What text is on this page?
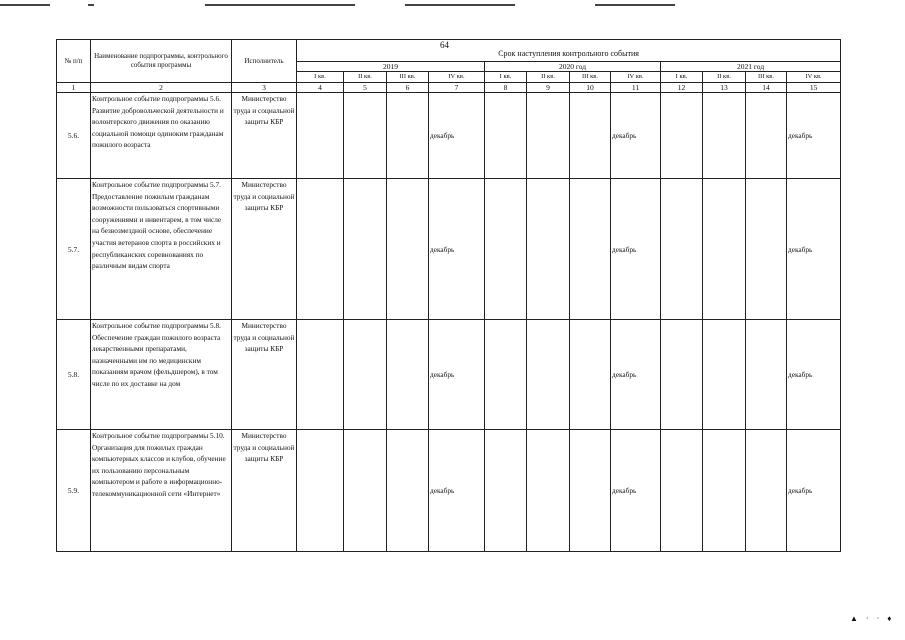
64
№ п/п	Наименование подпрограммы, контрольного события программы	Исполнитель	Срок наступления контрольного события											
			2019				2020 год				2021 год			
			I кв.	II кв.	III кв.	IV кв.	I кв.	II кв.	III кв.	IV кв.	I кв.	II кв.	III кв.	IV кв.
1	2	3	4	5	6	7	8	9	10	11	12	13	14	15
5.6.	Контрольное событие подпрограммы 5.6. Развитие добровольческой деятельности и волонтерского движения по оказанию социальной помощи одиноким гражданам пожилого возраста	Министерство труда и социальной защиты КБР				декабрь				декабрь				декабрь
5.7.	Контрольное событие подпрограммы 5.7. Предоставление пожилым гражданам возможности пользоваться спортивными сооружениями и инвентарем, в том числе на безвозмездной основе, обеспечение участия ветеранов спорта в российских и республиканских соревнованиях по различным видам спорта	Министерство труда и социальной защиты КБР				декабрь				декабрь				декабрь
5.8.	Контрольное событие подпрограммы 5.8. Обеспечение граждан пожилого возраста лекарственными препаратами, назначенными им по медицинским показаниям врачом (фельдшером), в том числе по их доставке на дом	Министерство труда и социальной защиты КБР				декабрь				декабрь				декабрь
5.9.	Контрольное событие подпрограммы 5.10. Организация для пожилых граждан компьютерных классов и клубов, обучение их пользованию персональным компьютером и работе в информационно-телекоммуникационной сети «Интернет»	Министерство труда и социальной защиты КБР				декабрь				декабрь				декабрь
▲ · · ♦
